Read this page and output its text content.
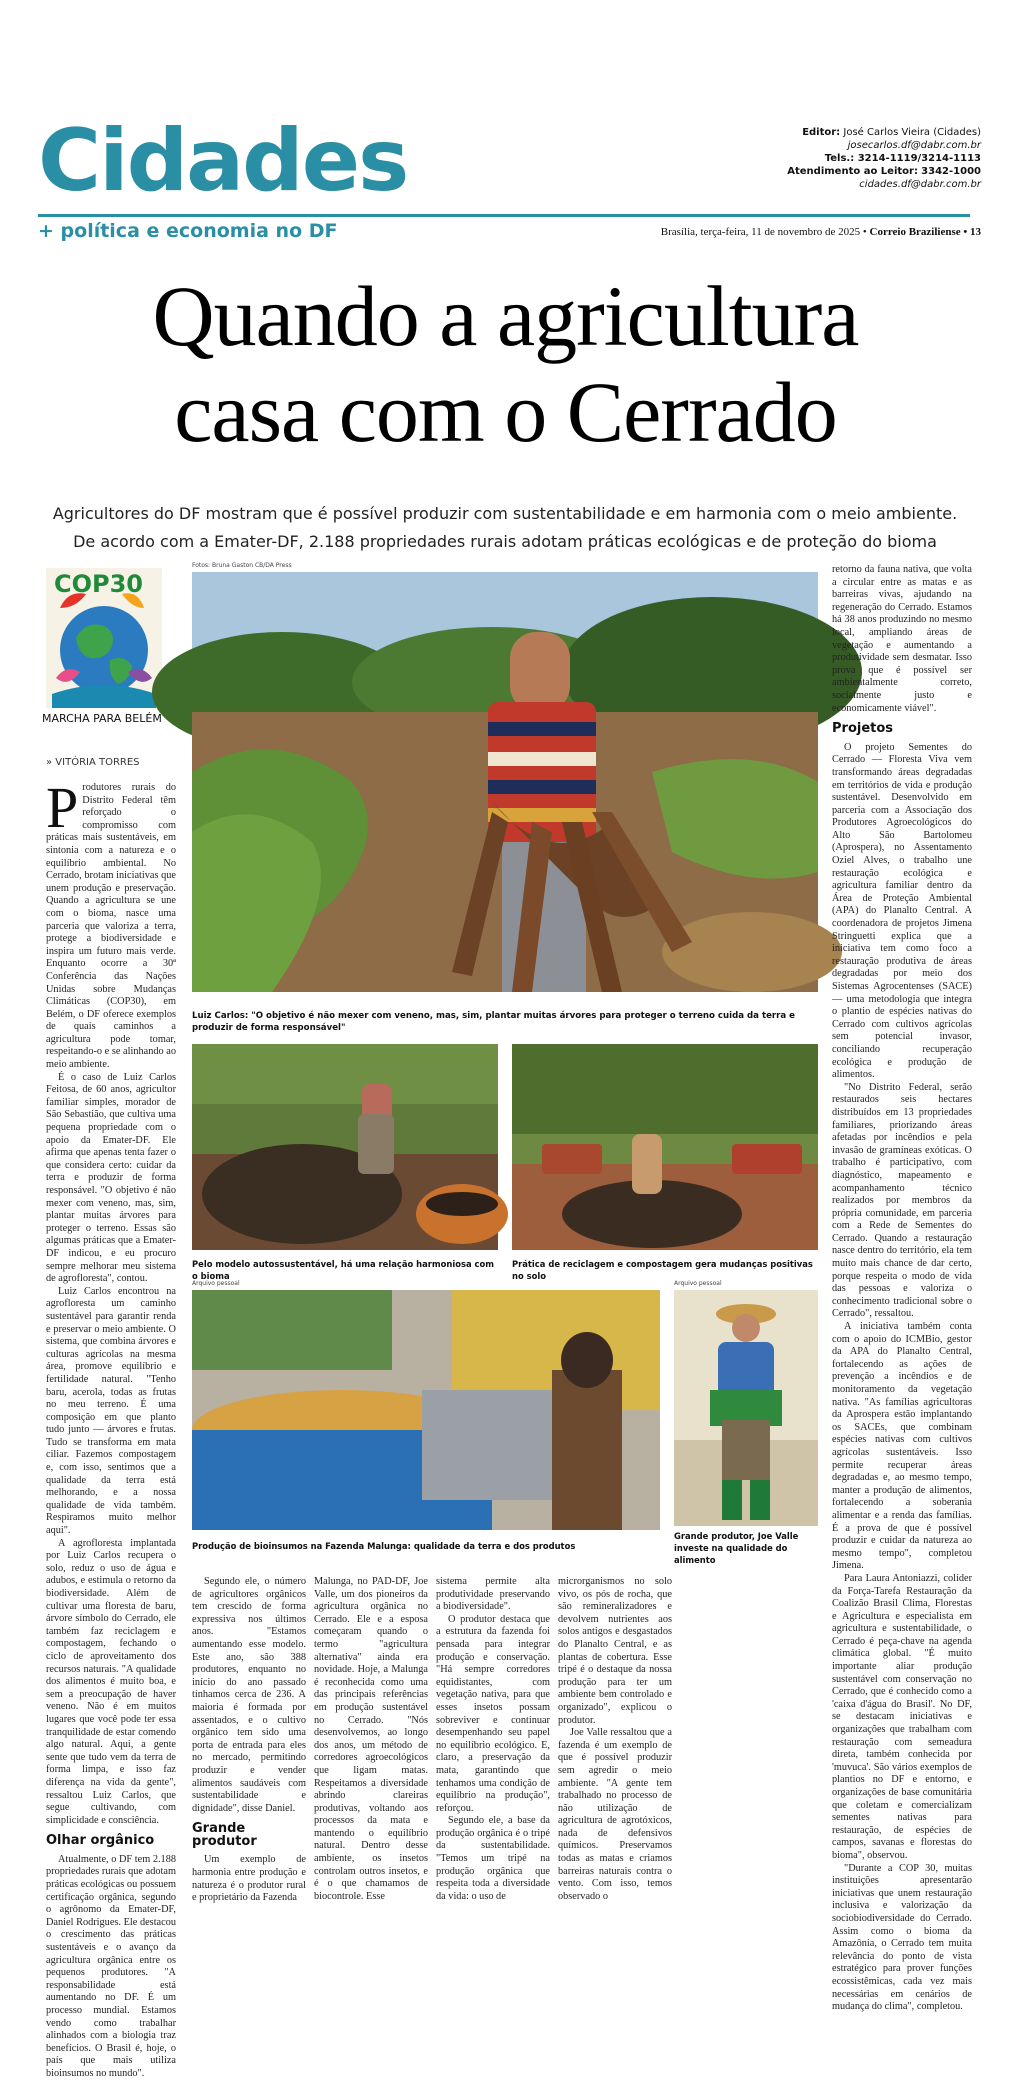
Cidades
+ política e economia no DF
Editor: José Carlos Vieira (Cidades)
josecarlos.df@dabr.com.br
Tels.: 3214-1119/3214-1113
Atendimento ao Leitor: 3342-1000
cidades.df@dabr.com.br
Brasília, terça-feira, 11 de novembro de 2025 • Correio Braziliense • 13
Quando a agricultura
casa com o Cerrado
Agricultores do DF mostram que é possível produzir com sustentabilidade e em harmonia com o meio ambiente.
De acordo com a Emater-DF, 2.188 propriedades rurais adotam práticas ecológicas e de proteção do bioma
COP30
MARCHA PARA BELÉM
» VITÓRIA TORRES
Fotos: Bruna Gaston CB/DA Press
Luiz Carlos: "O objetivo é não mexer com veneno, mas, sim, plantar muitas árvores para proteger o terreno cuida da terra e produzir de forma responsável"
Pelo modelo autossustentável, há uma relação harmoniosa com o bioma
Prática de reciclagem e compostagem gera mudanças positivas no solo
Arquivo pessoal
Produção de bioinsumos na Fazenda Malunga: qualidade da terra e dos produtos
Arquivo pessoal
Grande produtor, Joe Valle investe na qualidade do alimento
P rodutores rurais do Distrito Federal têm reforçado o compromisso com práticas mais sustentáveis, em sintonia com a natureza e o equilíbrio ambiental. No Cerrado, brotam iniciativas que unem produção e preservação. Quando a agricultura se une com o bioma, nasce uma parceria que valoriza a terra, protege a biodiversidade e inspira um futuro mais verde. Enquanto ocorre a 30ª Conferência das Nações Unidas sobre Mudanças Climáticas (COP30), em Belém, o DF oferece exemplos de quais caminhos a agricultura pode tomar, respeitando-o e se alinhando ao meio ambiente.

É o caso de Luiz Carlos Feitosa, de 60 anos, agricultor familiar simples, morador de São Sebastião, que cultiva uma pequena propriedade com o apoio da Emater-DF. Ele afirma que apenas tenta fazer o que considera certo: cuidar da terra e produzir de forma responsável. "O objetivo é não mexer com veneno, mas, sim, plantar muitas árvores para proteger o terreno. Essas são algumas práticas que a Emater-DF indicou, e eu procuro sempre melhorar meu sistema de agrofloresta", contou.

Luiz Carlos encontrou na agrofloresta um caminho sustentável para garantir renda e preservar o meio ambiente. O sistema, que combina árvores e culturas agrícolas na mesma área, promove equilíbrio e fertilidade natural. "Tenho baru, acerola, todas as frutas no meu terreno. É uma composição em que planto tudo junto — árvores e frutas. Tudo se transforma em mata ciliar. Fazemos compostagem e, com isso, sentimos que a qualidade da terra está melhorando, e a nossa qualidade de vida também. Respiramos muito melhor aqui".

A agrofloresta implantada por Luiz Carlos recupera o solo, reduz o uso de água e adubos, e estimula o retorno da biodiversidade. Além de cultivar uma floresta de baru, árvore símbolo do Cerrado, ele também faz reciclagem e compostagem, fechando o ciclo de aproveitamento dos recursos naturais. "A qualidade dos alimentos é muito boa, e sem a preocupação de haver veneno. Não é em muitos lugares que você pode ter essa tranquilidade de estar comendo algo natural. Aqui, a gente sente que tudo vem da terra de forma limpa, e isso faz diferença na vida da gente", ressaltou Luiz Carlos, que segue cultivando, com simplicidade e consciência.

Olhar orgânico

Atualmente, o DF tem 2.188 propriedades rurais que adotam práticas ecológicas ou possuem certificação orgânica, segundo o agrônomo da Emater-DF, Daniel Rodrigues. Ele destacou o crescimento das práticas sustentáveis e o avanço da agricultura orgânica entre os pequenos produtores. "A responsabilidade está aumentando no DF. É um processo mundial. Estamos vendo como trabalhar alinhados com a biologia traz benefícios. O Brasil é, hoje, o país que mais utiliza bioinsumos no mundo".

Segundo ele, o número de agricultores orgânicos tem crescido de forma expressiva nos últimos anos. "Estamos aumentando esse modelo. Este ano, são 388 produtores, enquanto no início do ano passado tínhamos cerca de 236. A maioria é formada por assentados, e o cultivo orgânico tem sido uma porta de entrada para eles no mercado, permitindo produzir e vender alimentos saudáveis com sustentabilidade e dignidade", disse Daniel.

Grande produtor

Um exemplo de harmonia entre produção e natureza é o produtor rural e proprietário da Fazenda

Malunga, no PAD-DF, Joe Valle, um dos pioneiros da agricultura orgânica no Cerrado. Ele e a esposa começaram quando o termo "agricultura alternativa" ainda era novidade. Hoje, a Malunga é reconhecida como uma das principais referências em produção sustentável no Cerrado. "Nós desenvolvemos, ao longo dos anos, um método de corredores agroecológicos que ligam matas. Respeitamos a diversidade abrindo clareiras produtivas, voltando aos processos da mata e mantendo o equilíbrio natural. Dentro desse ambiente, os insetos controlam outros insetos, e é o que chamamos de biocontrole. Esse

sistema permite alta produtividade preservando a biodiversidade".

O produtor destaca que a estrutura da fazenda foi pensada para integrar produção e conservação. "Há sempre corredores equidistantes, com vegetação nativa, para que esses insetos possam sobreviver e continuar desempenhando seu papel no equilíbrio ecológico. E, claro, a preservação da mata, garantindo que tenhamos uma condição de equilíbrio na produção", reforçou.

Segundo ele, a base da produção orgânica é o tripé da sustentabilidade. "Temos um tripé na produção orgânica que respeita toda a diversidade da vida: o uso de

microrganismos no solo vivo, os pós de rocha, que são remineralizadores e devolvem nutrientes aos solos antigos e desgastados do Planalto Central, e as plantas de cobertura. Esse tripé é o destaque da nossa produção para ter um ambiente bem controlado e organizado", explicou o produtor.

Joe Valle ressaltou que a fazenda é um exemplo de que é possível produzir sem agredir o meio ambiente. "A gente tem trabalhado no processo de não utilização de agricultura de agrotóxicos, nada de defensivos químicos. Preservamos todas as matas e criamos barreiras naturais contra o vento. Com isso, temos observado o

retorno da fauna nativa, que volta a circular entre as matas e as barreiras vivas, ajudando na regeneração do Cerrado. Estamos há 38 anos produzindo no mesmo local, ampliando áreas de vegetação e aumentando a produtividade sem desmatar. Isso prova que é possível ser ambientalmente correto, socialmente justo e economicamente viável".

Projetos

O projeto Sementes do Cerrado — Floresta Viva vem transformando áreas degradadas em territórios de vida e produção sustentável. Desenvolvido em parceria com a Associação dos Produtores Agroecológicos do Alto São Bartolomeu (Aprospera), no Assentamento Oziel Alves, o trabalho une restauração ecológica e agricultura familiar dentro da Área de Proteção Ambiental (APA) do Planalto Central. A coordenadora de projetos Jimena Stringuetti explica que a iniciativa tem como foco a restauração produtiva de áreas degradadas por meio dos Sistemas Agrocentenses (SACE) — uma metodologia que integra o plantio de espécies nativas do Cerrado com cultivos agrícolas sem potencial invasor, conciliando recuperação ecológica e produção de alimentos.

"No Distrito Federal, serão restaurados seis hectares distribuídos em 13 propriedades familiares, priorizando áreas afetadas por incêndios e pela invasão de gramíneas exóticas. O trabalho é participativo, com diagnóstico, mapeamento e acompanhamento técnico realizados por membros da própria comunidade, em parceria com a Rede de Sementes do Cerrado. Quando a restauração nasce dentro do território, ela tem muito mais chance de dar certo, porque respeita o modo de vida das pessoas e valoriza o conhecimento tradicional sobre o Cerrado", ressaltou.

A iniciativa também conta com o apoio do ICMBio, gestor da APA do Planalto Central, fortalecendo as ações de prevenção a incêndios e de monitoramento da vegetação nativa. "As famílias agricultoras da Aprospera estão implantando os SACEs, que combinam espécies nativas com cultivos agrícolas sustentáveis. Isso permite recuperar áreas degradadas e, ao mesmo tempo, manter a produção de alimentos, fortalecendo a soberania alimentar e a renda das famílias. É a prova de que é possível produzir e cuidar da natureza ao mesmo tempo", completou Jimena.

Para Laura Antoniazzi, colíder da Força-Tarefa Restauração da Coalizão Brasil Clima, Florestas e Agricultura e especialista em agricultura e sustentabilidade, o Cerrado é peça-chave na agenda climática global. "É muito importante aliar produção sustentável com conservação no Cerrado, que é conhecido como a 'caixa d'água do Brasil'. No DF, se destacam iniciativas e organizações que trabalham com restauração com semeadura direta, também conhecida por 'muvuca'. São vários exemplos de plantios no DF e entorno, e organizações de base comunitária que coletam e comercializam sementes nativas para restauração, de espécies de campos, savanas e florestas do bioma", observou.

"Durante a COP 30, muitas instituições apresentarão iniciativas que unem restauração inclusiva e valorização da sociobiodiversidade do Cerrado. Assim como o bioma da Amazônia, o Cerrado tem muita relevância do ponto de vista estratégico para prover funções ecossistêmicas, cada vez mais necessárias em cenários de mudança do clima", completou.
